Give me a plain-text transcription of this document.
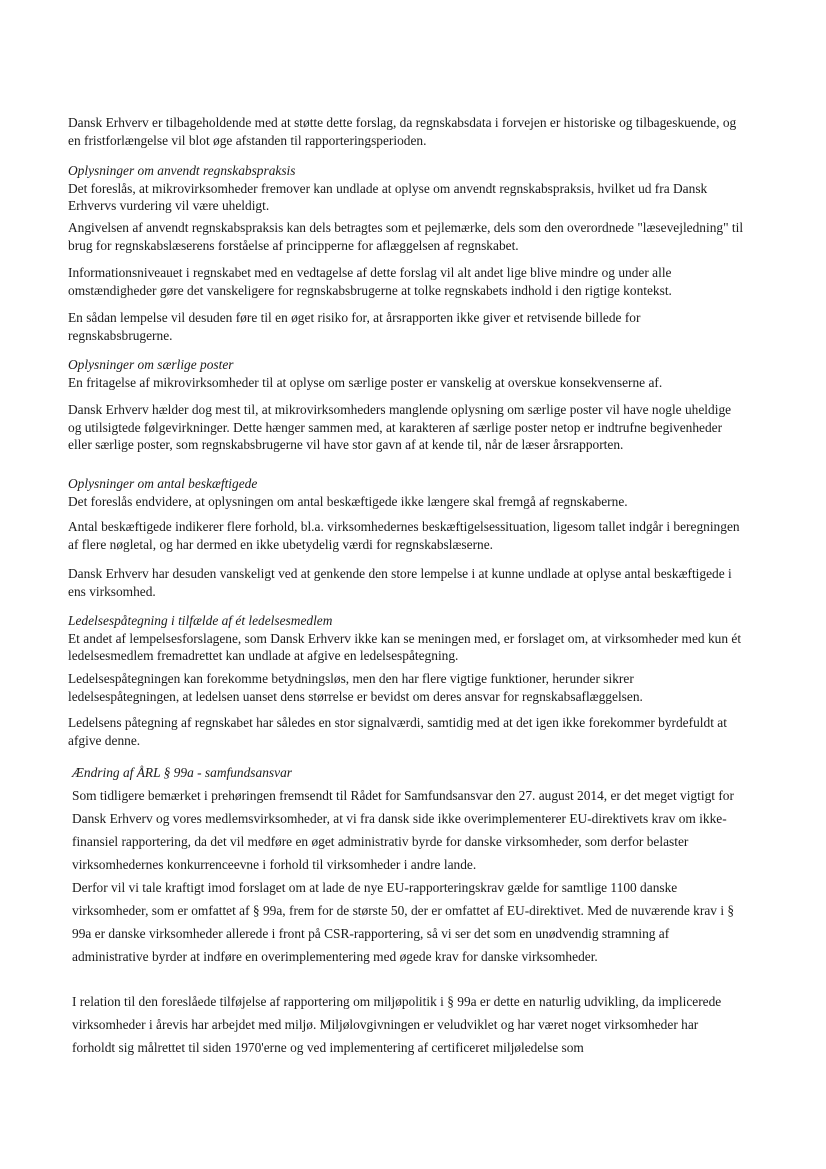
Dansk Erhverv er tilbageholdende med at støtte dette forslag, da regnskabsdata i forvejen er historiske og tilbageskuende, og en fristforlængelse vil blot øge afstanden til rapporteringsperioden.

Oplysninger om anvendt regnskabspraksis

Det foreslås, at mikrovirksomheder fremover kan undlade at oplyse om anvendt regnskabspraksis, hvilket ud fra Dansk Erhvervs vurdering vil være uheldigt.

Angivelsen af anvendt regnskabspraksis kan dels betragtes som et pejlemærke, dels som den overordnede "læsevejledning" til brug for regnskabslæserens forståelse af principperne for aflæggelsen af regnskabet.

Informationsniveauet i regnskabet med en vedtagelse af dette forslag vil alt andet lige blive mindre og under alle omstændigheder gøre det vanskeligere for regnskabsbrugerne at tolke regnskabets indhold i den rigtige kontekst.

En sådan lempelse vil desuden føre til en øget risiko for, at årsrapporten ikke giver et retvisende billede for regnskabsbrugerne.

Oplysninger om særlige poster

En fritagelse af mikrovirksomheder til at oplyse om særlige poster er vanskelig at overskue konsekvenserne af.

Dansk Erhverv hælder dog mest til, at mikrovirksomheders manglende oplysning om særlige poster vil have nogle uheldige og utilsigtede følgevirkninger. Dette hænger sammen med, at karakteren af særlige poster netop er indtrufne begivenheder eller særlige poster, som regnskabsbrugerne vil have stor gavn af at kende til, når de læser årsrapporten.

Oplysninger om antal beskæftigede

Det foreslås endvidere, at oplysningen om antal beskæftigede ikke længere skal fremgå af regnskaberne.

Antal beskæftigede indikerer flere forhold, bl.a. virksomhedernes beskæftigelsessituation, ligesom tallet indgår i beregningen af flere nøgletal, og har dermed en ikke ubetydelig værdi for regnskabslæserne.

Dansk Erhverv har desuden vanskeligt ved at genkende den store lempelse i at kunne undlade at oplyse antal beskæftigede i ens virksomhed.

Ledelsespåtegning i tilfælde af ét ledelsesmedlem

Et andet af lempelsesforslagene, som Dansk Erhverv ikke kan se meningen med, er forslaget om, at virksomheder med kun ét ledelsesmedlem fremadrettet kan undlade at afgive en ledelsespåtegning.

Ledelsespåtegningen kan forekomme betydningsløs, men den har flere vigtige funktioner, herunder sikrer ledelsespåtegningen, at ledelsen uanset dens størrelse er bevidst om deres ansvar for regnskabsaflæggelsen.

Ledelsens påtegning af regnskabet har således en stor signalværdi, samtidig med at det igen ikke forekommer byrdefuldt at afgive denne.

Ændring af ÅRL § 99a - samfundsansvar

Som tidligere bemærket i prehøringen fremsendt til Rådet for Samfundsansvar den 27. august 2014, er det meget vigtigt for Dansk Erhverv og vores medlemsvirksomheder, at vi fra dansk side ikke overimplementerer EU-direktivets krav om ikke-finansiel rapportering, da det vil medføre en øget administrativ byrde for danske virksomheder, som derfor belaster virksomhedernes konkurrenceevne i forhold til virksomheder i andre lande.

Derfor vil vi tale kraftigt imod forslaget om at lade de nye EU-rapporteringskrav gælde for samtlige 1100 danske virksomheder, som er omfattet af § 99a, frem for de største 50, der er omfattet af EU-direktivet. Med de nuværende krav i § 99a er danske virksomheder allerede i front på CSR-rapportering, så vi ser det som en unødvendig stramning af administrative byrder at indføre en overimplementering med øgede krav for danske virksomheder.

I relation til den foreslåede tilføjelse af rapportering om miljøpolitik i § 99a er dette en naturlig udvikling, da implicerede virksomheder i årevis har arbejdet med miljø. Miljølovgivningen er veludviklet og har været noget virksomheder har forholdt sig målrettet til siden 1970'erne og ved implementering af certificeret miljøledelse som
